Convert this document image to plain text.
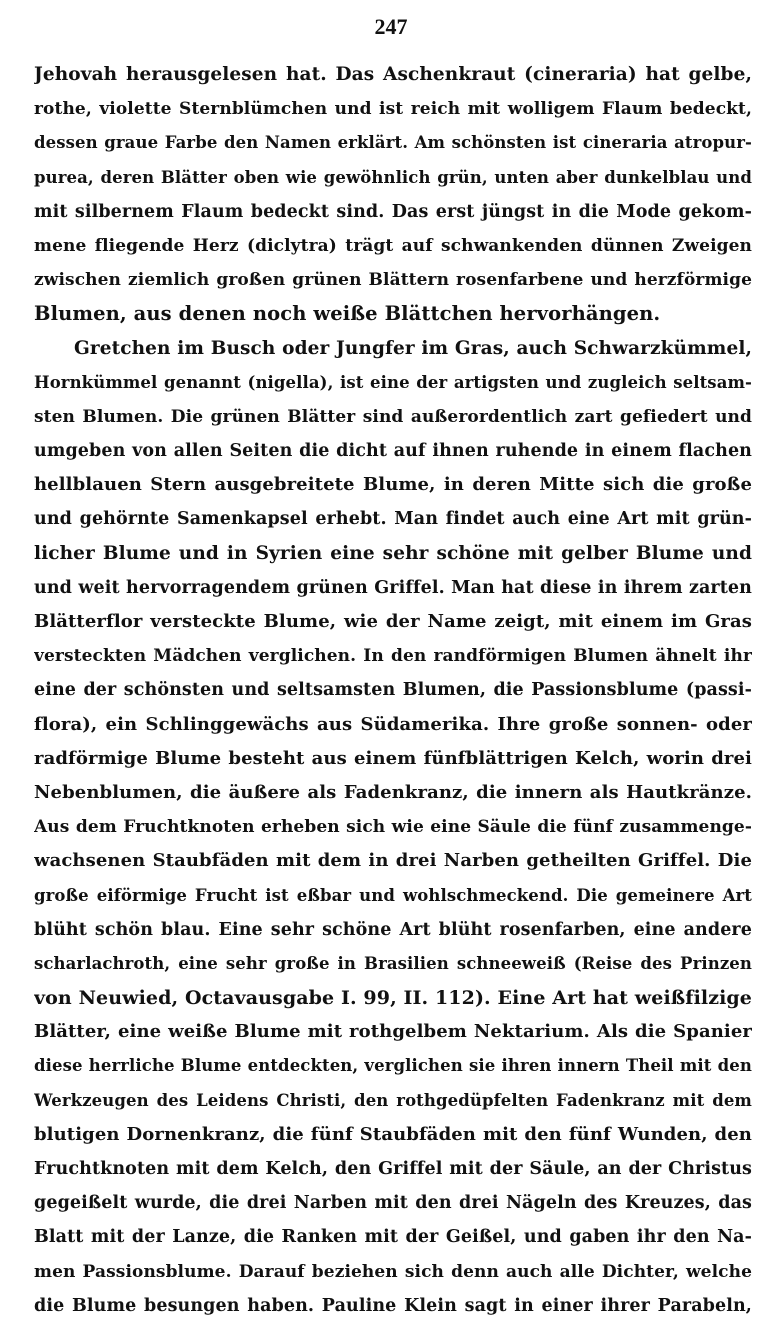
247
Jehovah herausgelesen hat. Das Aschenkraut (cineraria) hat gelbe,
rothe, violette Sternblümchen und ist reich mit wolligem Flaum bedeckt,
dessen graue Farbe den Namen erklärt. Am schönsten ist cineraria atropur-
purea, deren Blätter oben wie gewöhnlich grün, unten aber dunkelblau und
mit silbernem Flaum bedeckt sind. Das erst jüngst in die Mode gekom-
mene fliegende Herz (diclytra) trägt auf schwankenden dünnen Zweigen
zwischen ziemlich großen grünen Blättern rosenfarbene und herzförmige
Blumen, aus denen noch weiße Blättchen hervorhängen.
Gretchen im Busch oder Jungfer im Gras, auch Schwarzkümmel,
Hornkümmel genannt (nigella), ist eine der artigsten und zugleich seltsam-
sten Blumen. Die grünen Blätter sind außerordentlich zart gefiedert und
umgeben von allen Seiten die dicht auf ihnen ruhende in einem flachen
hellblauen Stern ausgebreitete Blume, in deren Mitte sich die große
und gehörnte Samenkapsel erhebt. Man findet auch eine Art mit grün-
licher Blume und in Syrien eine sehr schöne mit gelber Blume und
und weit hervorragendem grünen Griffel. Man hat diese in ihrem zarten
Blätterflor versteckte Blume, wie der Name zeigt, mit einem im Gras
versteckten Mädchen verglichen. In den randförmigen Blumen ähnelt ihr
eine der schönsten und seltsamsten Blumen, die Passionsblume (passi-
flora), ein Schlinggewächs aus Südamerika. Ihre große sonnen- oder
radförmige Blume besteht aus einem fünfblättrigen Kelch, worin drei
Nebenblumen, die äußere als Fadenkranz, die innern als Hautkränze.
Aus dem Fruchtknoten erheben sich wie eine Säule die fünf zusammenge-
wachsenen Staubfäden mit dem in drei Narben getheilten Griffel. Die
große eiförmige Frucht ist eßbar und wohlschmeckend. Die gemeinere Art
blüht schön blau. Eine sehr schöne Art blüht rosenfarben, eine andere
scharlachroth, eine sehr große in Brasilien schneeweiß (Reise des Prinzen
von Neuwied, Octavausgabe I. 99, II. 112). Eine Art hat weißfilzige
Blätter, eine weiße Blume mit rothgelbem Nektarium. Als die Spanier
diese herrliche Blume entdeckten, verglichen sie ihren innern Theil mit den
Werkzeugen des Leidens Christi, den rothgedüpfelten Fadenkranz mit dem
blutigen Dornenkranz, die fünf Staubfäden mit den fünf Wunden, den
Fruchtknoten mit dem Kelch, den Griffel mit der Säule, an der Christus
gegeißelt wurde, die drei Narben mit den drei Nägeln des Kreuzes, das
Blatt mit der Lanze, die Ranken mit der Geißel, und gaben ihr den Na-
men Passionsblume. Darauf beziehen sich denn auch alle Dichter, welche
die Blume besungen haben. Pauline Klein sagt in einer ihrer Parabeln,
